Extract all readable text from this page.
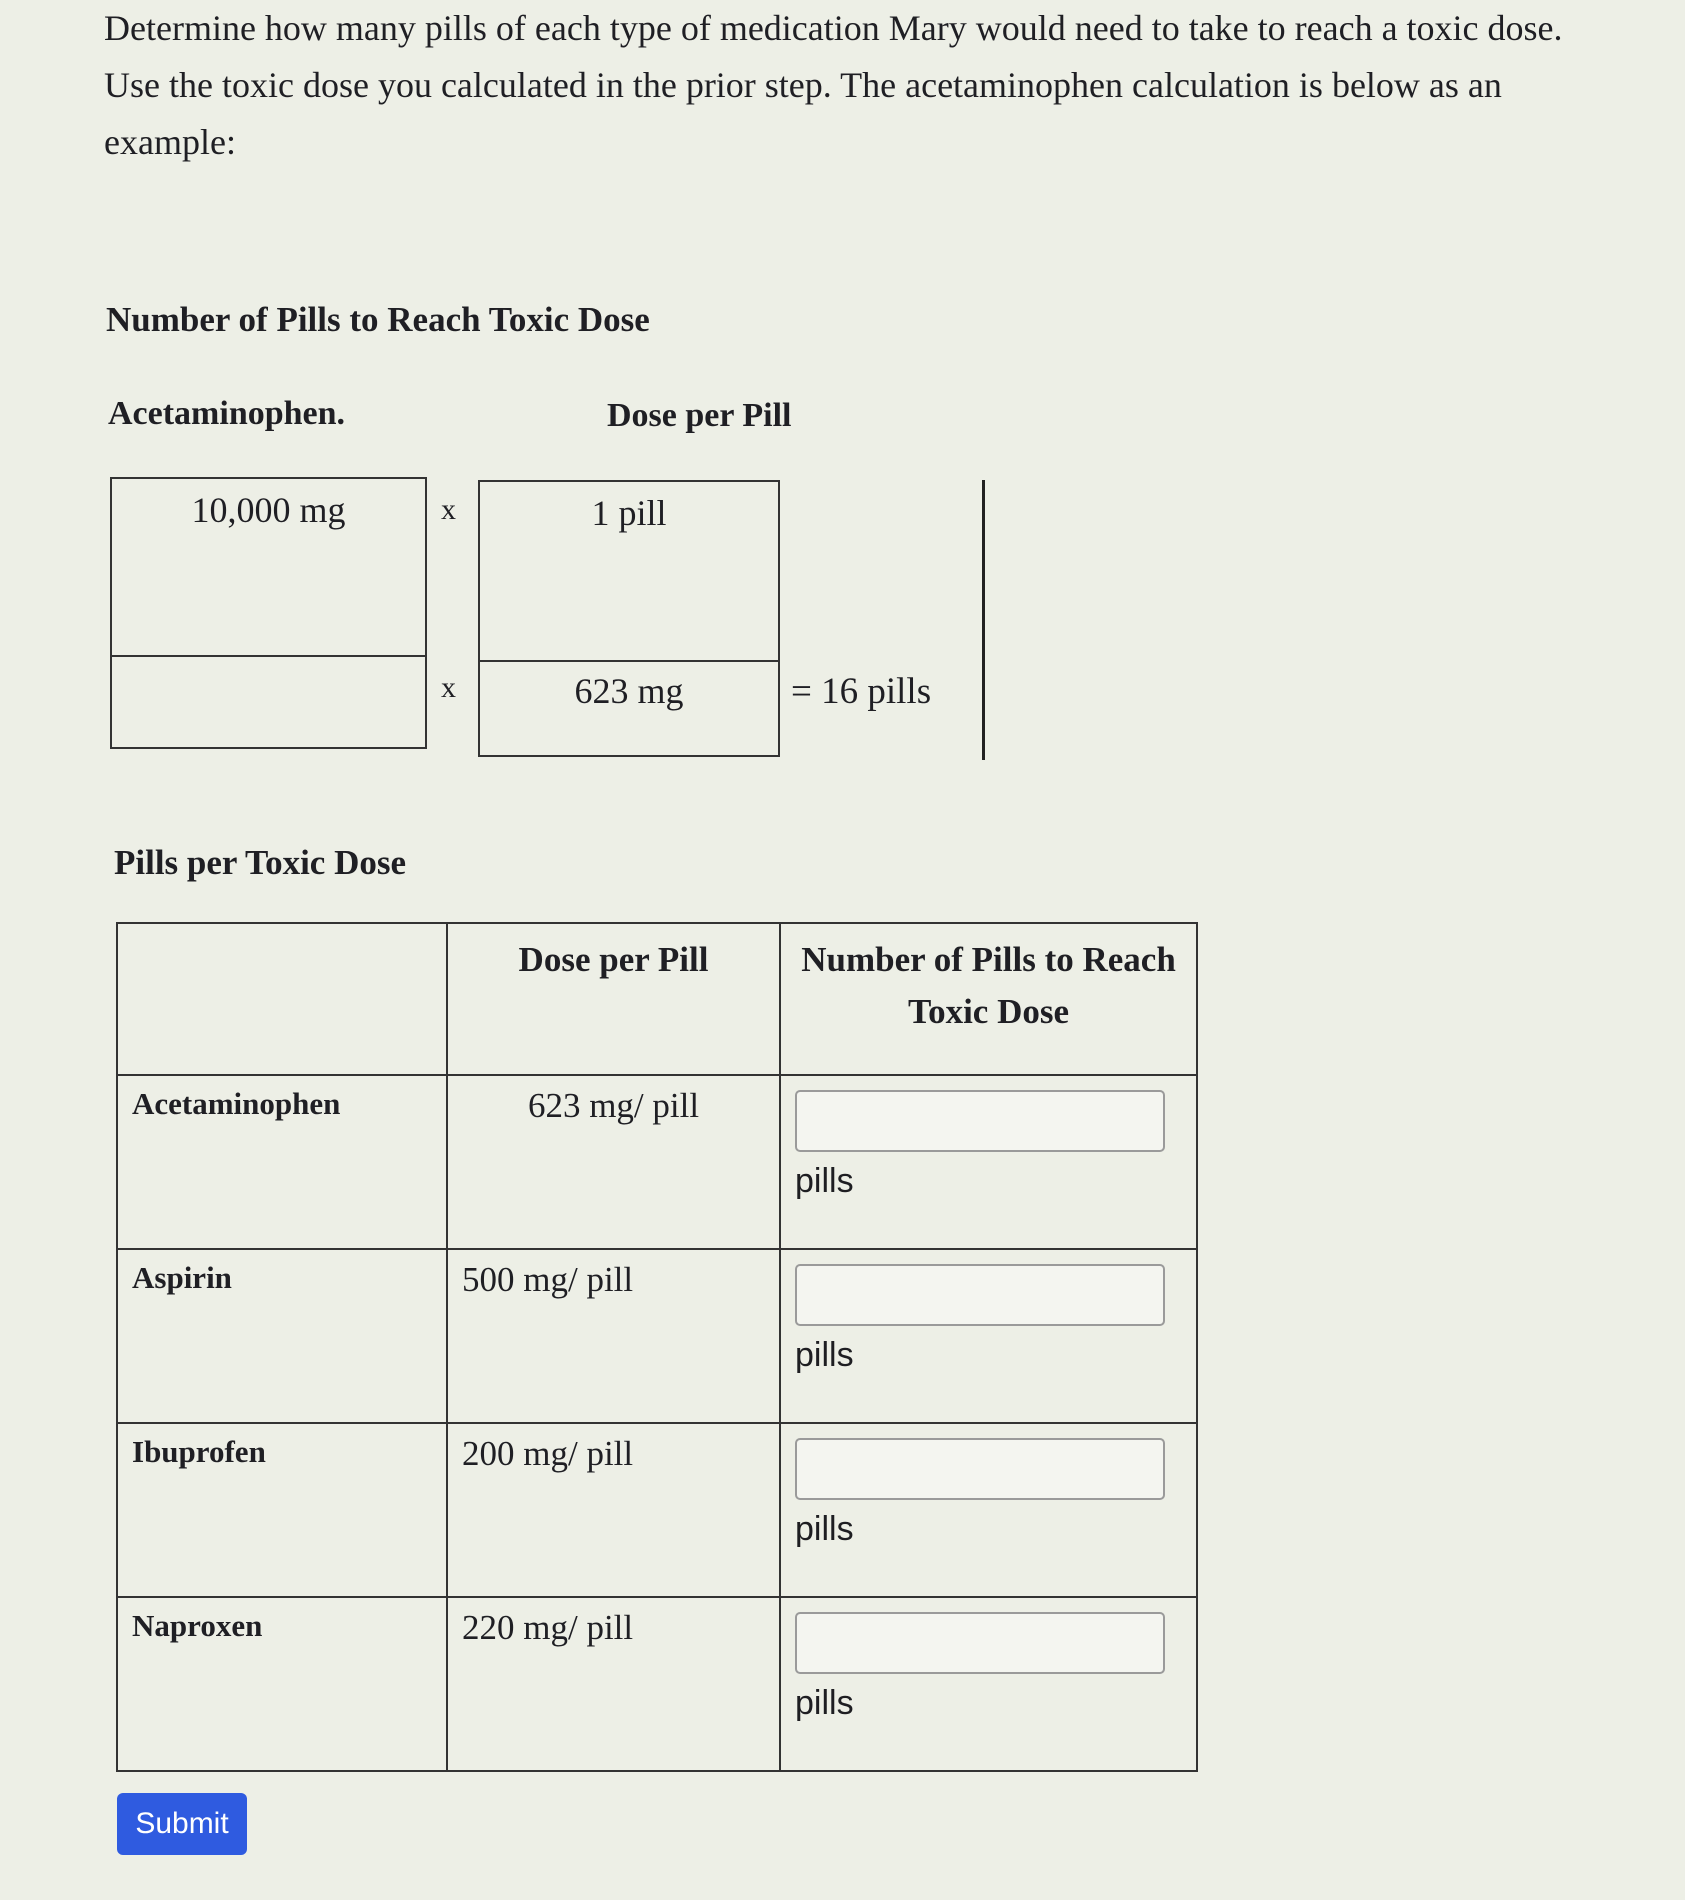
Determine how many pills of each type of medication Mary would need to take to reach a toxic dose. Use the toxic dose you calculated in the prior step. The acetaminophen calculation is below as an example:

Number of Pills to Reach Toxic Dose
Acetaminophen.	Dose per Pill
10,000 mg	x
x
1 pill
623 mg	= 16 pills
Pills per Toxic Dose
	Dose per Pill	Number of Pills to Reach Toxic Dose
Acetaminophen	623 mg/ pill	pills

Aspirin	500 mg/ pill	pills

Ibuprofen	200 mg/ pill	pills

Naproxen	220 mg/ pill	pills
Submit
